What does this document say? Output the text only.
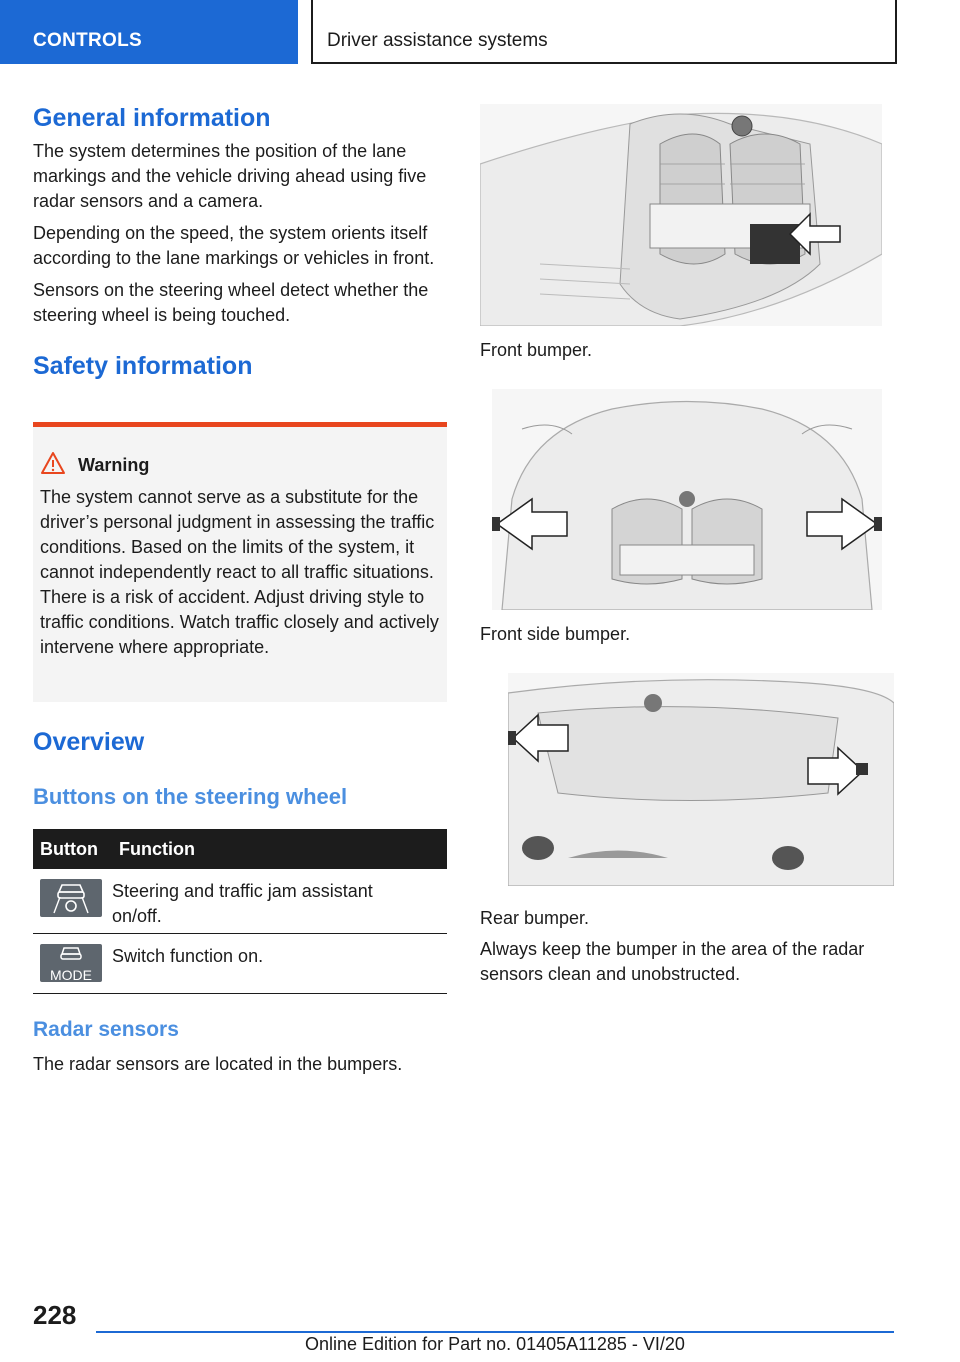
CONTROLS	Driver assistance systems
General information

The system determines the position of the lane markings and the vehicle driving ahead using five radar sensors and a camera.

Depending on the speed, the system orients itself according to the lane markings or vehicles in front.

Sensors on the steering wheel detect whether the steering wheel is being touched.

Safety information
Warning

The system cannot serve as a substitute for the driver’s personal judgment in assessing the traffic conditions. Based on the limits of the system, it cannot independently react to all traffic situations. There is a risk of accident. Adjust driving style to traffic conditions. Watch traffic closely and actively intervene where appropriate.

Overview
Buttons on the steering wheel
Button	Function

	Steering and traffic jam assistant on/off.

MODE	Switch function on.
Radar sensors

The radar sensors are located in the bumpers.

Front bumper.

Front side bumper.

Rear bumper.

Always keep the bumper in the area of the radar sensors clean and unobstructed.

228
Online Edition for Part no. 01405A11285 - VI/20
